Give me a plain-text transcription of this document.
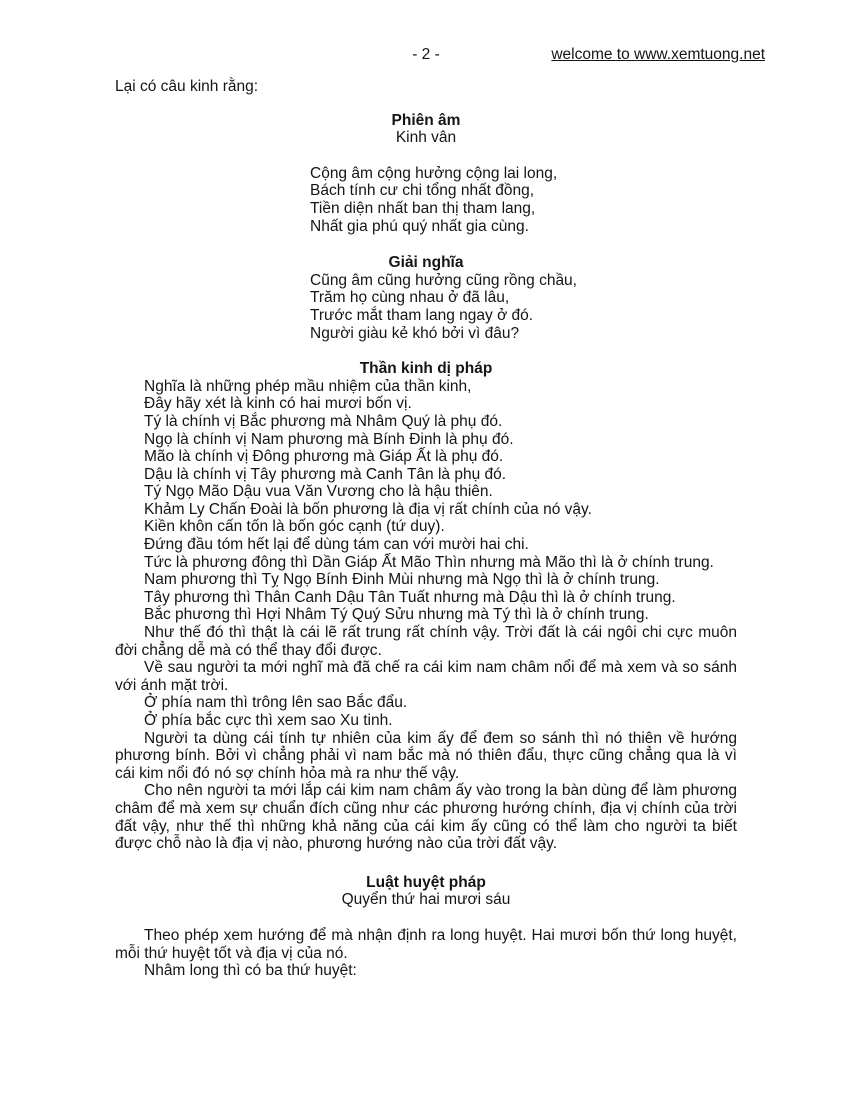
- 2 -	welcome to www.xemtuong.net

Lại có câu kinh rằng:

Phiên âm

Kinh vân

Cộng âm cộng hưởng cộng lai long,
Bách tính cư chi tổng nhất đồng,
Tiền diện nhất ban thị tham lang,
Nhất gia phú quý nhất gia cùng.
Giải nghĩa
Cũng âm cũng hưởng cũng rồng chầu,
Trăm họ cùng nhau ở đã lâu,
Trước mắt tham lang ngay ở đó.
Người giàu kẻ khó bởi vì đâu?
Thần kinh dị pháp

Nghĩa là những phép mầu nhiệm của thần kinh,

Đây hãy xét là kinh có hai mươi bốn vị.

Tý là chính vị Bắc phương mà Nhâm Quý là phụ đó.

Ngọ là chính vị Nam phương mà Bính Đinh là phụ đó.

Mão là chính vị Đông phương mà Giáp Ất là phụ đó.

Dậu là chính vị Tây phương mà Canh Tân là phụ đó.

Tý Ngọ Mão Dậu vua Văn Vương cho là hậu thiên.

Khảm Ly Chấn Đoài là bốn phương là địa vị rất chính của nó vậy.

Kiền khôn cấn tốn là bốn góc cạnh (tứ duy).

Đứng đầu tóm hết lại để dùng tám can với mười hai chi.

Tức là phương đông thì Dần Giáp Ất Mão Thìn nhưng mà Mão thì là ở chính trung.

Nam phương thì Tỵ Ngọ Bính Đinh Mùi nhưng mà Ngọ thì là ở chính trung.

Tây phương thì Thân Canh Dậu Tân Tuất nhưng mà Dậu thì là ở chính trung.

Bắc phương thì Hợi Nhâm Tý Quý Sửu nhưng mà Tý thì là ở chính trung.

Như thế đó thì thật là cái lẽ rất trung rất chính vậy. Trời đất là cái ngôi chi cực muôn đời chẳng dễ mà có thể thay đổi được.

Về sau người ta mới nghĩ mà đã chế ra cái kim nam châm nổi để mà xem và so sánh với ánh mặt trời.

Ở phía nam thì trông lên sao Bắc đẩu.

Ở phía bắc cực thì xem sao Xu tinh.

Người ta dùng cái tính tự nhiên của kim ấy để đem so sánh thì nó thiên về hướng phương bính. Bởi vì chẳng phải vì nam bắc mà nó thiên đẩu, thực cũng chẳng qua là vì cái kim nổi đó nó sợ chính hỏa mà ra như thế vậy.

Cho nên người ta mới lắp cái kim nam châm ấy vào trong la bàn dùng để làm phương châm để mà xem sự chuẩn đích cũng như các phương hướng chính, địa vị chính của trời đất vậy, như thế thì những khả năng của cái kim ấy cũng có thể làm cho người ta biết được chỗ nào là địa vị nào, phương hướng nào của trời đất vậy.

Luật huyệt pháp

Quyển thứ hai mươi sáu

Theo phép xem hướng để mà nhận định ra long huyệt. Hai mươi bốn thứ long huyệt, mỗi thứ huyệt tốt và địa vị của nó.

Nhâm long thì có ba thứ huyệt:
